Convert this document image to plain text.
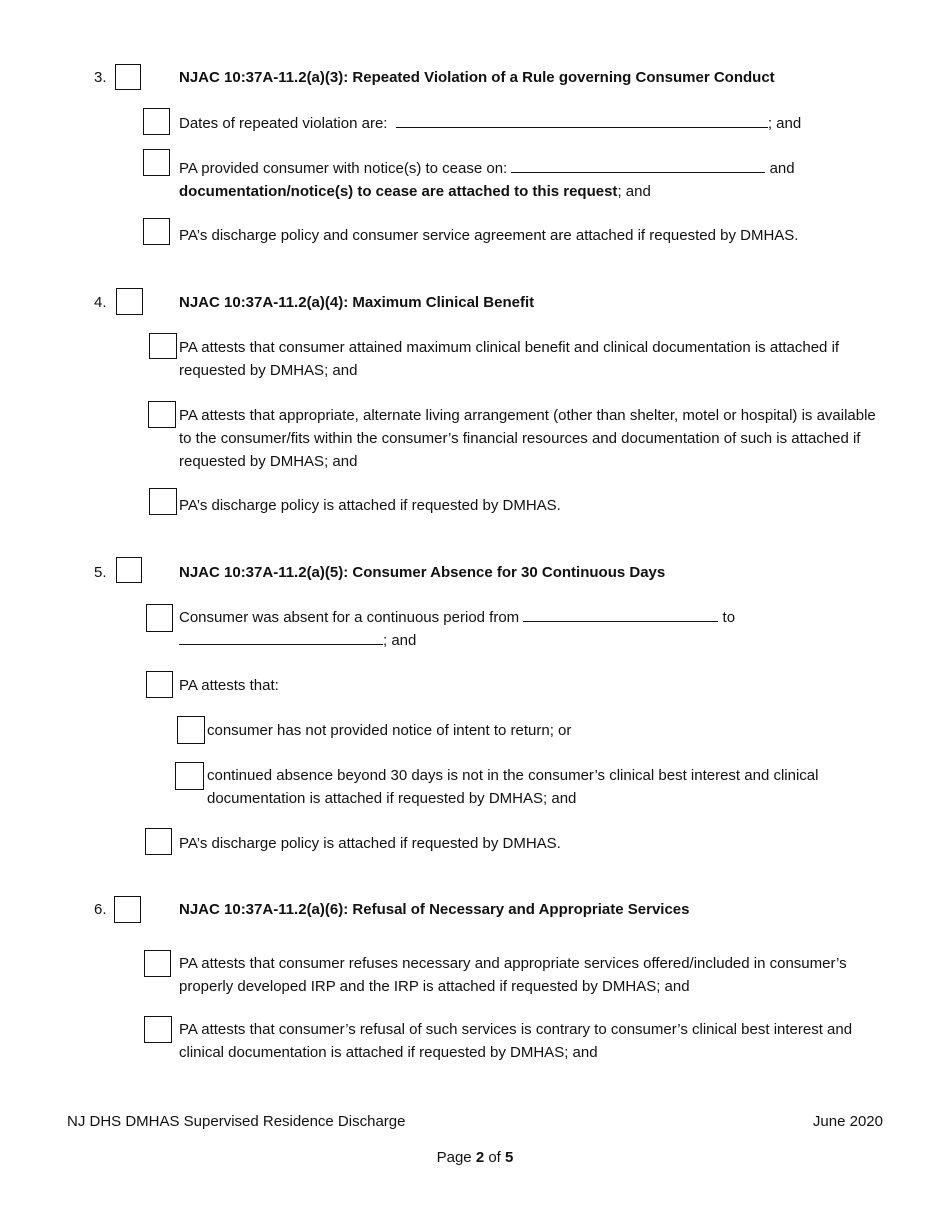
3.	NJAC 10:37A-11.2(a)(3): Repeated Violation of a Rule governing Consumer Conduct
Dates of repeated violation are:	; and
PA provided consumer with notice(s) to cease on:	and
documentation/notice(s) to cease are attached to this request; and
PA’s discharge policy and consumer service agreement are attached if requested by DMHAS.
4.	NJAC 10:37A-11.2(a)(4): Maximum Clinical Benefit
PA attests that consumer attained maximum clinical benefit and clinical documentation is attached if requested by DMHAS; and
PA attests that appropriate, alternate living arrangement (other than shelter, motel or hospital) is available to the consumer/fits within the consumer’s financial resources and documentation of such is attached if requested by DMHAS; and
PA’s discharge policy is attached if requested by DMHAS.
5.	NJAC 10:37A-11.2(a)(5): Consumer Absence for 30 Continuous Days
Consumer was absent for a continuous period from	to
; and
PA attests that:
consumer has not provided notice of intent to return; or
continued absence beyond 30 days is not in the consumer’s clinical best interest and clinical documentation is attached if requested by DMHAS; and
PA’s discharge policy is attached if requested by DMHAS.
6.	NJAC 10:37A-11.2(a)(6): Refusal of Necessary and Appropriate Services
PA attests that consumer refuses necessary and appropriate services offered/included in consumer’s properly developed IRP and the IRP is attached if requested by DMHAS; and
PA attests that consumer’s refusal of such services is contrary to consumer’s clinical best interest and clinical documentation is attached if requested by DMHAS; and
NJ DHS DMHAS Supervised Residence Discharge	June 2020
Page 2 of 5
